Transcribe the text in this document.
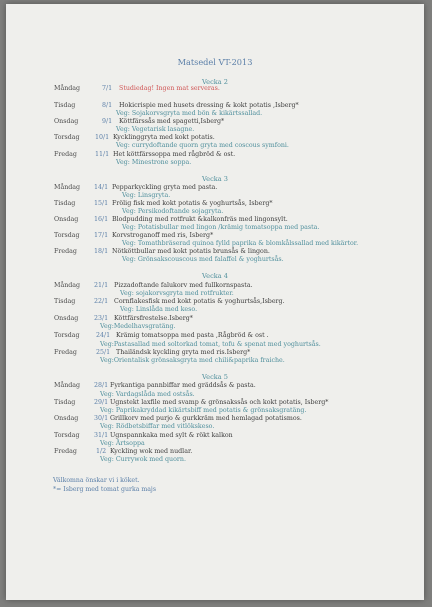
Matsedel VT-2013
Vecka 2
Måndag	7/1 Studiedag! Ingen mat serveras.
Tisdag	8/1 Hokicrispie med husets dressing & kokt potatis ,Isberg*
Veg: Sojakorvsgryta med bön & kikärtssallad.
Onsdag	9/1 Köttfärssås med spagetti,Isberg*
Veg: Vegetarisk lasagne.
Torsdag 10/1 Kycklinggryta med kokt potatis.
Veg: currydoftande quorn gryta med coscous symfoni.
Fredag	11/1 Het köttfärssoppa med rågbröd & ost.
Veg: Minestrone soppa.
Vecka 3
Måndag 14/1 Pepparkyckling gryta med pasta.
Veg: Linsgryta.
Tisdag	15/1 Frölig fisk med kokt potatis & yoghurtsås, Isberg*
Veg: Persikodoftande sojagryta.
Onsdag 16/1 Blodpudding med rotfrukt &kalkonfräs med lingonsylt.
Veg: Potatisbullar med lingon /krämig tomatsoppa med pasta.
Torsdag 17/1 Korvstroganoff med ris, Isberg*
Veg: Tomathbräserad quinoa fylld paprika & blomkålssallad med kikärtor.
Fredag	18/1 Nötköttbullar med kokt potatis brunsås & lingon.
Veg: Grönsakscouscous med falaffel & yoghurtsås.
Vecka 4
Måndag 21/1 Pizzadoftande falukorv med fullkornspasta.
Veg: sojakorvsgryta med rotfrukter.
Tisdag	22/1 Cornflakesfisk med kokt potatis & yoghurtsås,Isberg.
Veg: Linslåda med keso.
Onsdag 23/1 Köttfärsfrestelse.Isberg*
Veg:Medelhavsgratäng.
Torsdag	24/1 Krämig tomatsoppa med pasta ,Rågbröd & ost .
Veg:Pastasallad med soltorkad tomat, tofu & spenat med yoghurtsås.
Fredag	25/1 Thailändsk kyckling gryta med ris.Isberg*
Veg:Orientalisk grönsaksgryta med chili&paprika fraiche.
Vecka 5
Måndag 28/1 Fyrkantiga pannbiffar med gräddsås & pasta.
Veg: Vardagslåda med ostsås.
Tisdag	29/1 Ugnstekt laxfile med svamp & grönsakssås och kokt potatis, Isberg*
Veg: Paprikakryddad kikärtsbiff med potatis & grönsaksgratäng.
Onsdag 30/1 Grillkorv med purjo & gurkkräm med hemlagad potatismos.
Veg: Rödbetsbiffar med vitlökskeso.
Torsdag 31/1 Ugnspannkaka med sylt & rökt kalkon
Veg: Ärtsoppa
Fredag	1/2 Kyckling wok med nudlar.
Veg: Currywok med quorn.
Välkomna önskar vi i köket.
*= Isberg med tomat gurka majs
